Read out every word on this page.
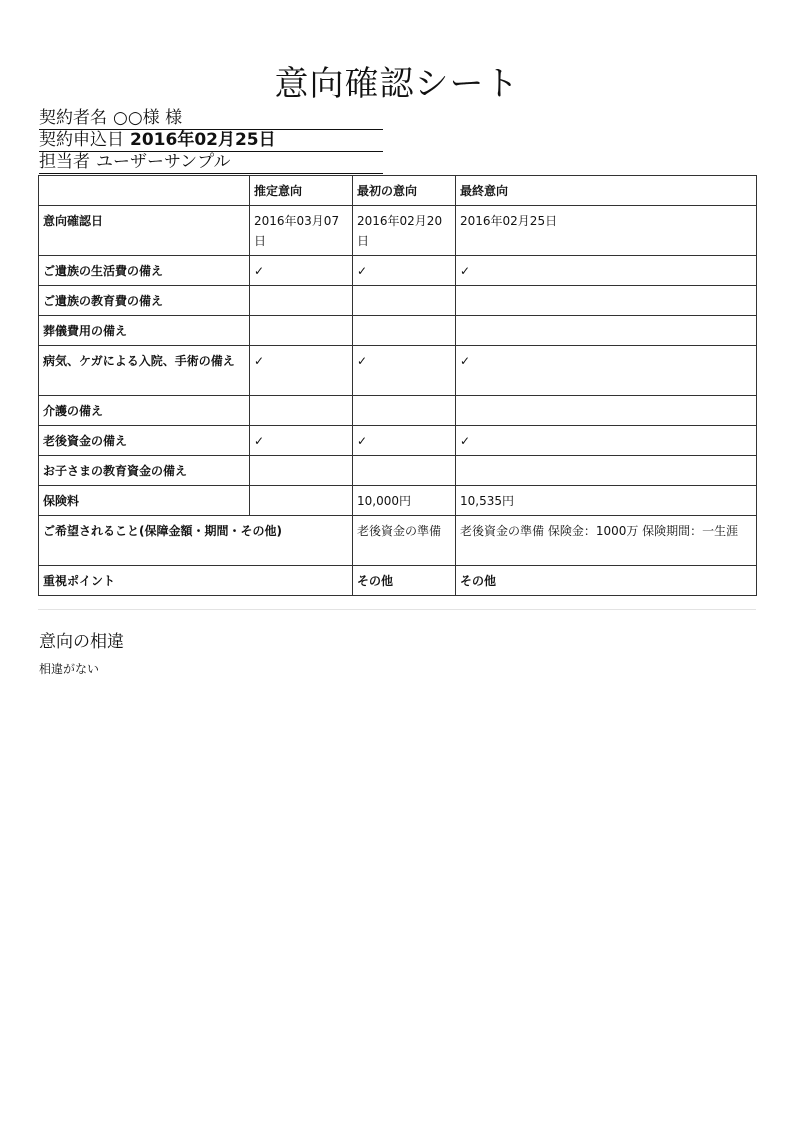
意向確認シート
契約者名 ○○様 様
契約申込日 2016年02月25日
担当者 ユーザーサンプル
	推定意向	最初の意向	最終意向
意向確認日	2016年03月07日	2016年02月20日	2016年02月25日
ご遺族の生活費の備え	✓	✓	✓
ご遺族の教育費の備え			
葬儀費用の備え			
病気、ケガによる入院、手術の備え	✓	✓	✓
介護の備え			
老後資金の備え	✓	✓	✓
お子さまの教育資金の備え			
保険料		10,000円	10,535円
ご希望されること(保障金額・期間・その他)		老後資金の準備	老後資金の準備 保険金：1000万 保険期間：一生涯
重視ポイント		その他	その他
意向の相違
相違がない
